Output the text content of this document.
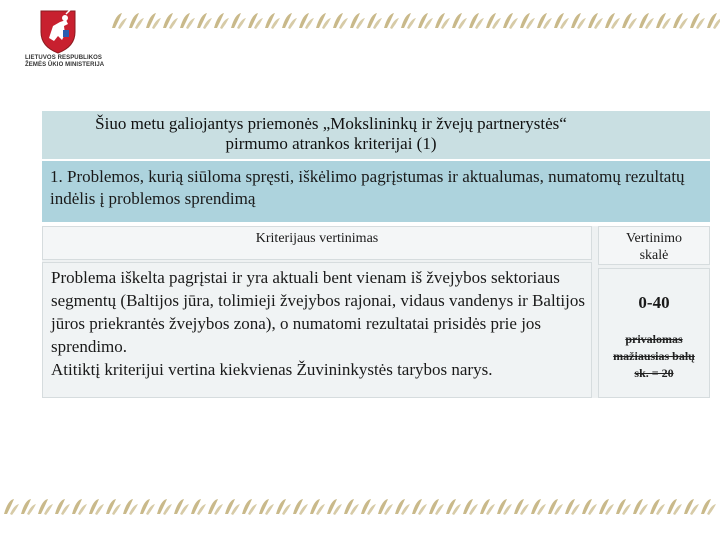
LIETUVOS RESPUBLIKOS
ŽEMĖS ŪKIO MINISTERIJA
Šiuo metu galiojantys priemonės „Mokslininkų ir žvejų partnerystės“
pirmumo atrankos kriterijai (1)
1. Problemos, kurią siūloma spręsti, iškėlimo pagrįstumas ir aktualumas, numatomų rezultatų indėlis į problemos sprendimą
Kriterijaus vertinimas	Vertinimo
skalė
Problema iškelta pagrįstai ir yra aktuali bent vienam iš žvejybos sektoriaus segmentų (Baltijos jūra, tolimieji žvejybos rajonai, vidaus vandenys ir Baltijos jūros priekrantės žvejybos zona), o numatomi rezultatai prisidės prie jos sprendimo.
Atitiktį kriterijui vertina kiekvienas Žuvininkystės tarybos narys.
0-40
privalomas
mažiausias balų
sk. = 20
